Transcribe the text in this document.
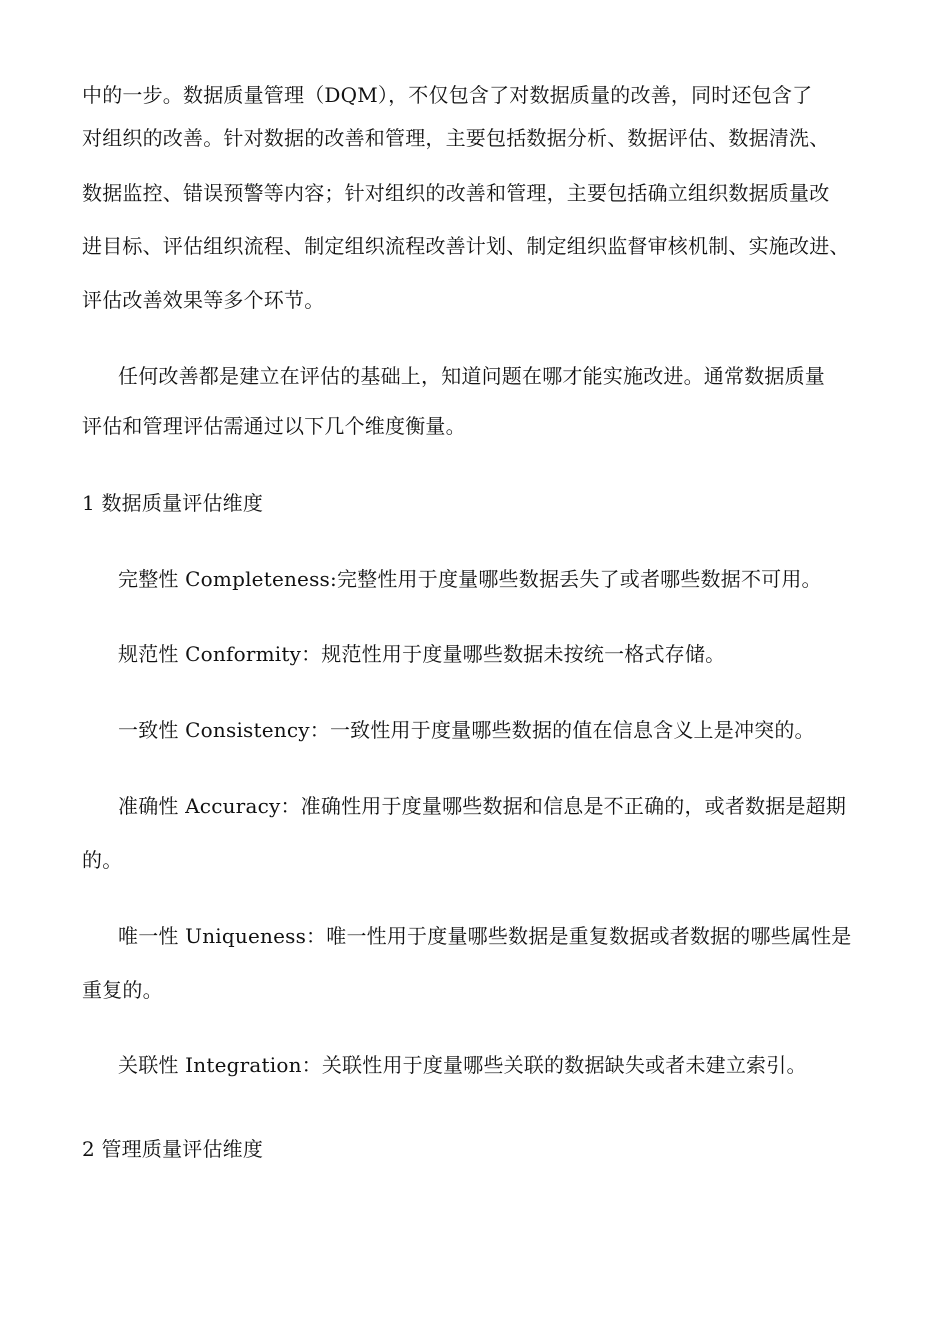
中的一步。数据质量管理（DQM），不仅包含了对数据质量的改善，同时还包含了
对组织的改善。针对数据的改善和管理，主要包括数据分析、数据评估、数据清洗、
数据监控、错误预警等内容；针对组织的改善和管理，主要包括确立组织数据质量改
进目标、评估组织流程、制定组织流程改善计划、制定组织监督审核机制、实施改进、
评估改善效果等多个环节。
任何改善都是建立在评估的基础上，知道问题在哪才能实施改进。通常数据质量
评估和管理评估需通过以下几个维度衡量。
1 数据质量评估维度
完整性 Completeness:完整性用于度量哪些数据丢失了或者哪些数据不可用。
规范性 Conformity：规范性用于度量哪些数据未按统一格式存储。
一致性 Consistency：一致性用于度量哪些数据的值在信息含义上是冲突的。
准确性 Accuracy：准确性用于度量哪些数据和信息是不正确的，或者数据是超期
的。
唯一性 Uniqueness：唯一性用于度量哪些数据是重复数据或者数据的哪些属性是
重复的。
关联性 Integration：关联性用于度量哪些关联的数据缺失或者未建立索引。
2 管理质量评估维度
